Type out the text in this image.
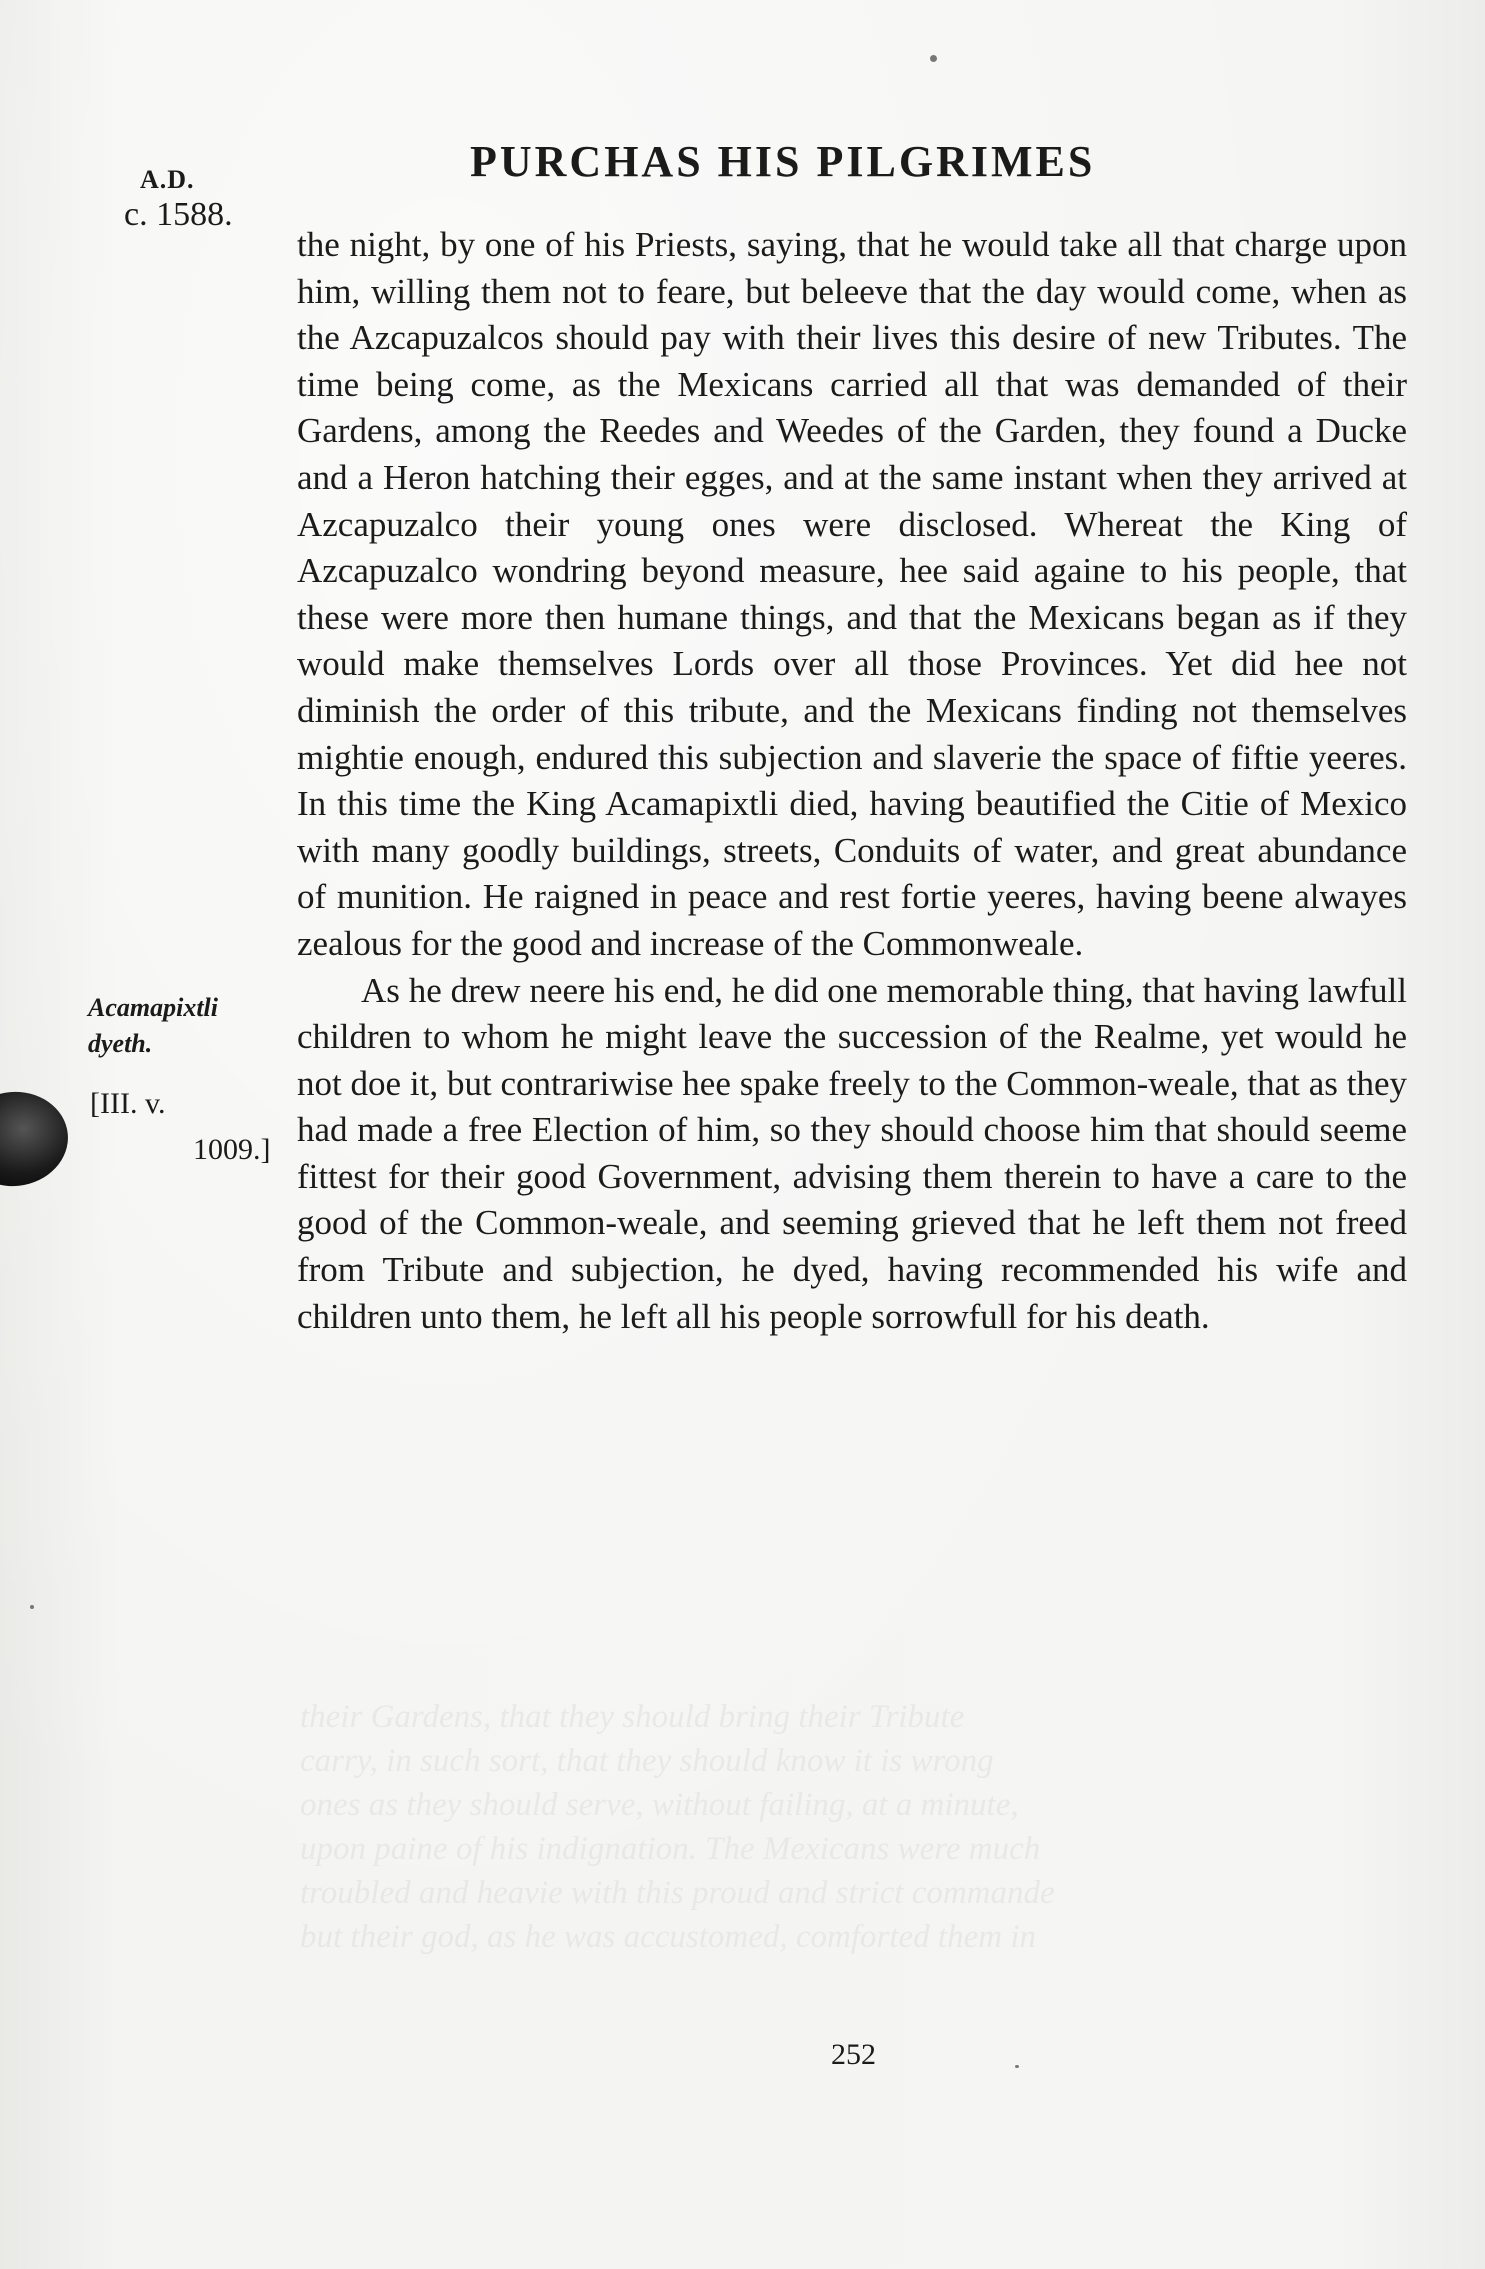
their Gardens, that they should bring their Tribute
carry, in such sort, that they should know it is wrong
ones as they should serve, without failing, at a minute,
upon paine of his indignation. The Mexicans were much
troubled and heavie with this proud and strict commande
but their god, as he was accustomed, comforted them in
A.D.
c. 1588.
PURCHAS HIS PILGRIMES

the night, by one of his Priests, saying, that he would take all that charge upon him, willing them not to feare, but beleeve that the day would come, when as the Azcapuzalcos should pay with their lives this desire of new Tributes. The time being come, as the Mexicans carried all that was demanded of their Gardens, among the Reedes and Weedes of the Garden, they found a Ducke and a Heron hatching their egges, and at the same instant when they arrived at Azcapuzalco their young ones were disclosed. Whereat the King of Azcapuzalco wondring beyond measure, hee said againe to his people, that these were more then humane things, and that the Mexicans began as if they would make themselves Lords over all those Provinces. Yet did hee not diminish the order of this tribute, and the Mexicans finding not themselves mightie enough, endured this subjection and slaverie the space of fiftie yeeres. In this time the King Acamapixtli died, having beautified the Citie of Mexico with many goodly buildings, streets, Conduits of water, and great abundance of munition. He raigned in peace and rest fortie yeeres, having beene alwayes zealous for the good and increase of the Commonweale.

As he drew neere his end, he did one memorable thing, that having lawfull children to whom he might leave the succession of the Realme, yet would he not doe it, but contrariwise hee spake freely to the Common-weale, that as they had made a free Election of him, so they should choose him that should seeme fittest for their good Government, advising them therein to have a care to the good of the Common-weale, and seeming grieved that he left them not freed from Tribute and subjection, he dyed, having recommended his wife and children unto them, he left all his people sorrowfull for his death.

Acamapixtli
dyeth.
[III. v.
1009.]
252
